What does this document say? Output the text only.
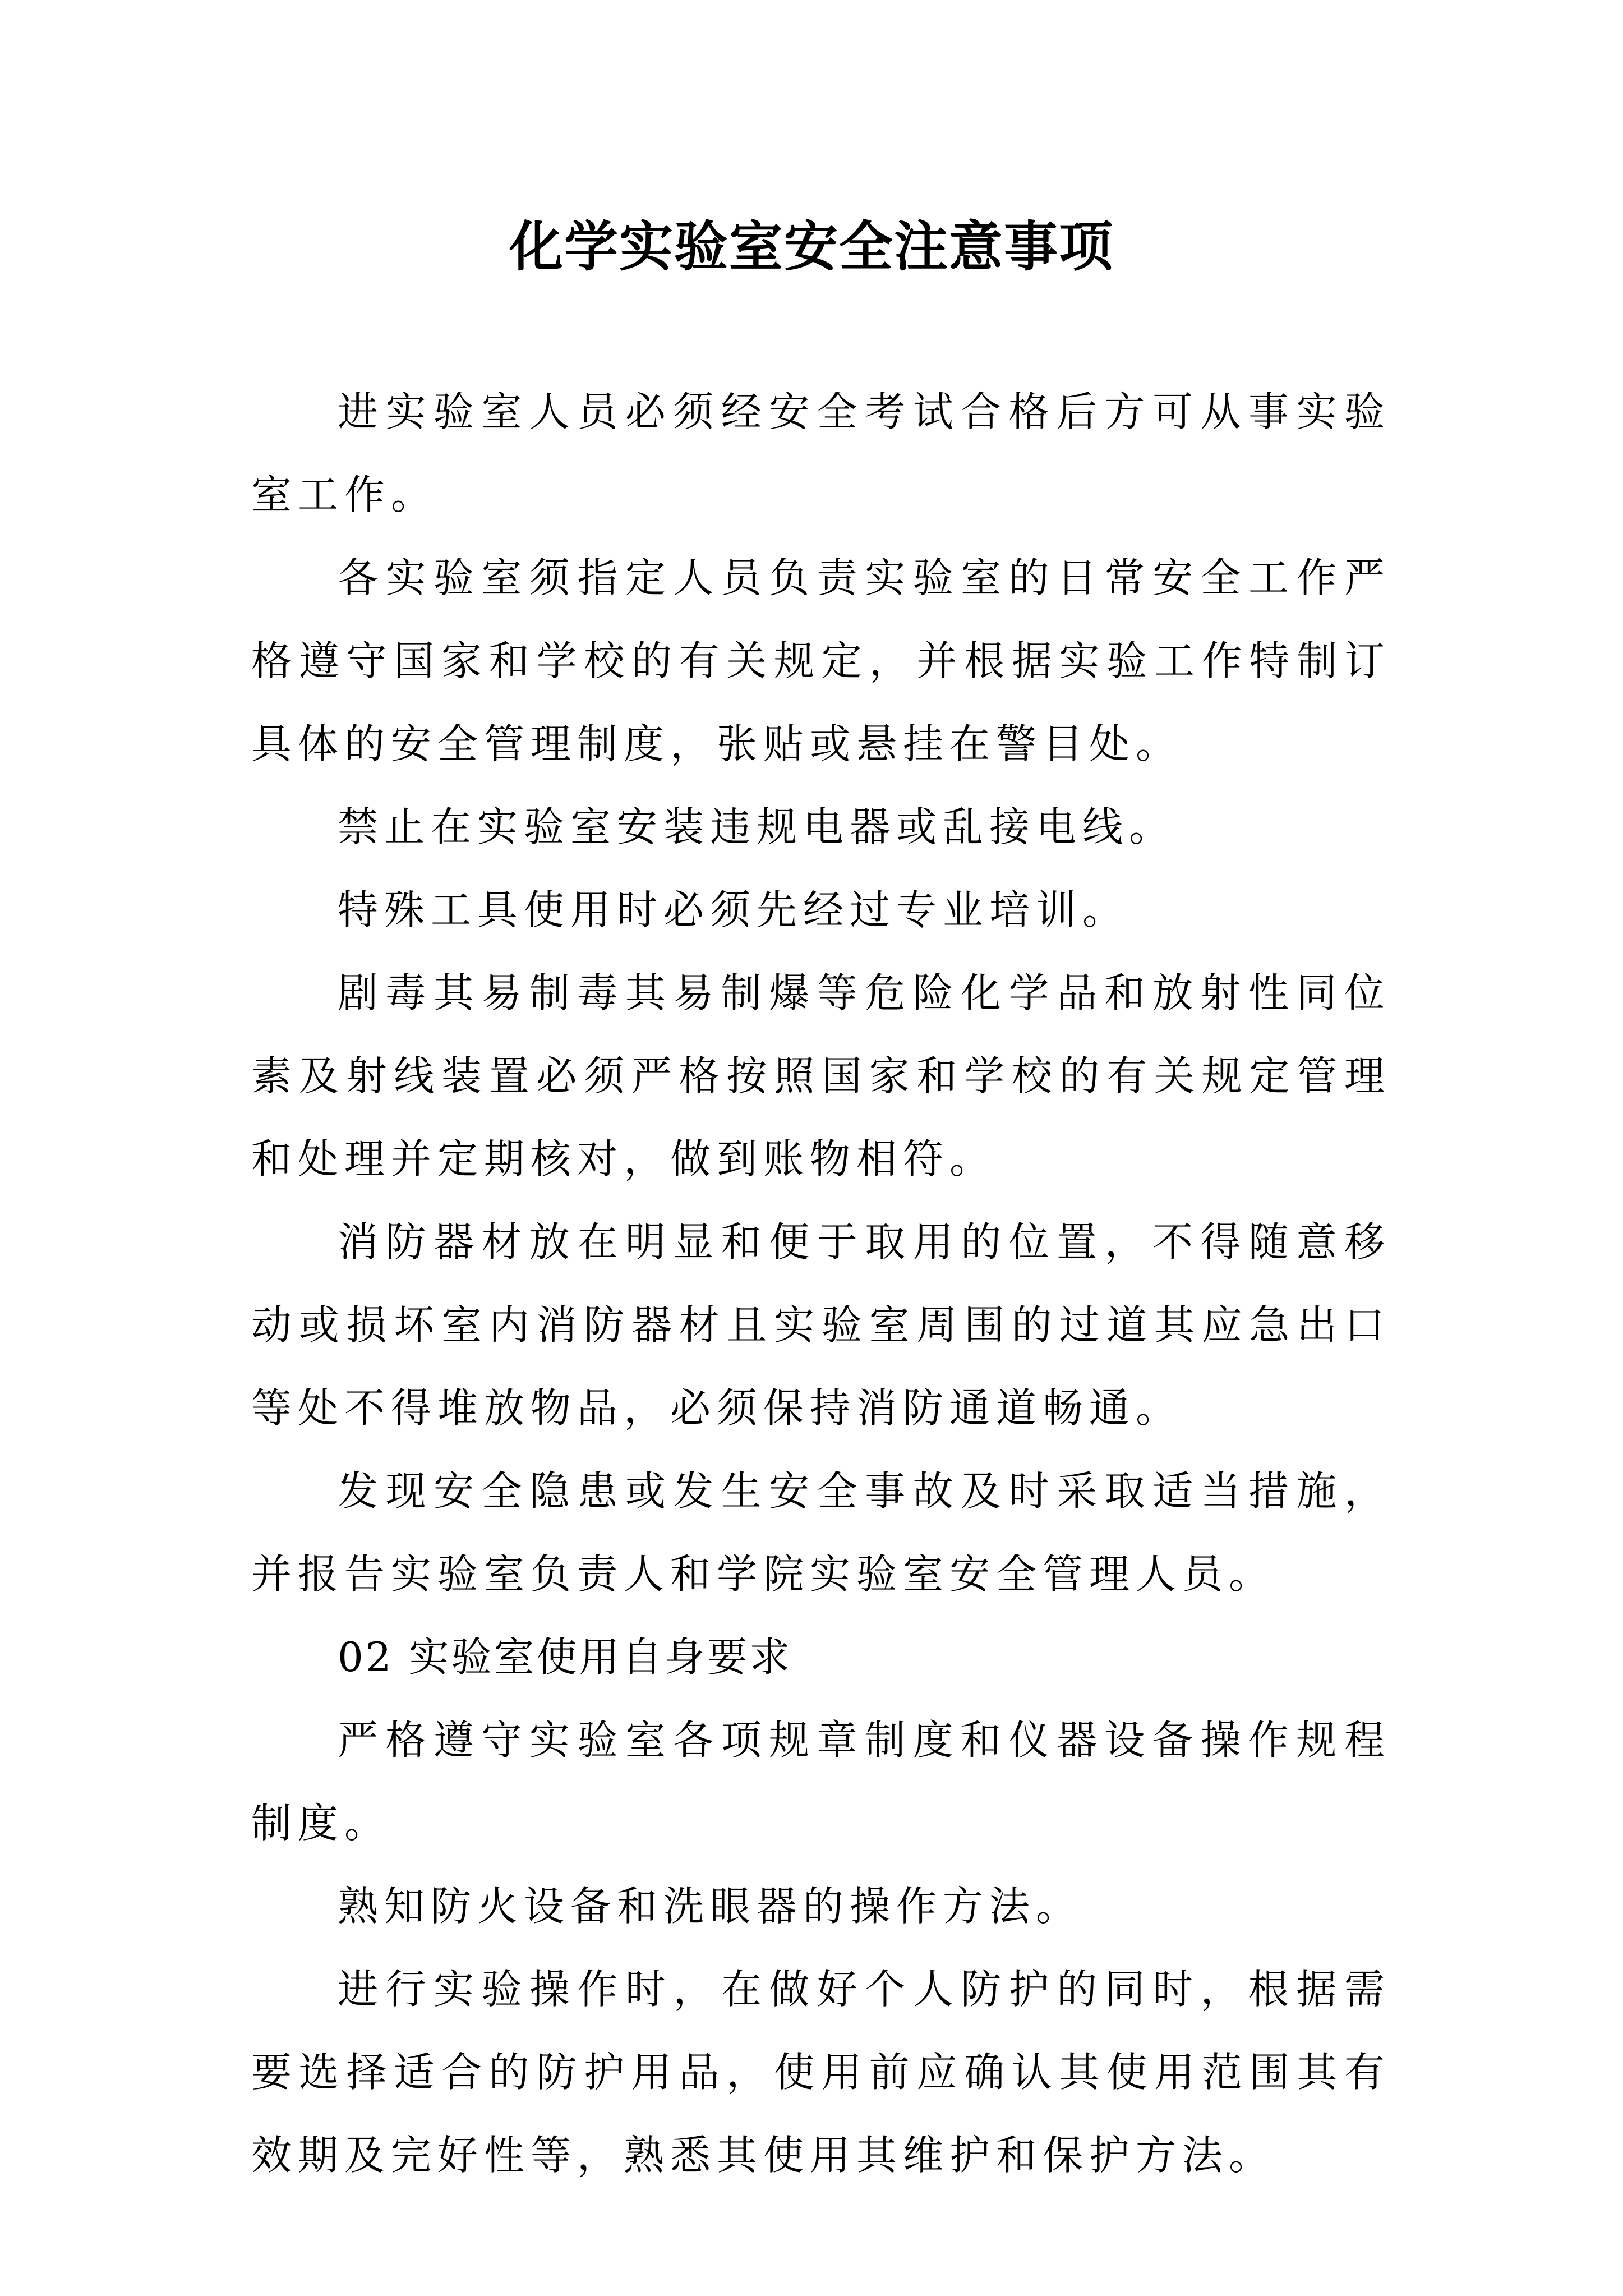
化学实验室安全注意事项

进实验室人员必须经安全考试合格后方可从事实验室工作。

各实验室须指定人员负责实验室的日常安全工作严格遵守国家和学校的有关规定，并根据实验工作特制订具体的安全管理制度，张贴或悬挂在警目处。

禁止在实验室安装违规电器或乱接电线。

特殊工具使用时必须先经过专业培训。

剧毒其易制毒其易制爆等危险化学品和放射性同位素及射线装置必须严格按照国家和学校的有关规定管理和处理并定期核对，做到账物相符。

消防器材放在明显和便于取用的位置，不得随意移动或损坏室内消防器材且实验室周围的过道其应急出口等处不得堆放物品，必须保持消防通道畅通。

发现安全隐患或发生安全事故及时采取适当措施，并报告实验室负责人和学院实验室安全管理人员。

02 实验室使用自身要求

严格遵守实验室各项规章制度和仪器设备操作规程制度。

熟知防火设备和洗眼器的操作方法。

进行实验操作时，在做好个人防护的同时，根据需要选择适合的防护用品，使用前应确认其使用范围其有效期及完好性等，熟悉其使用其维护和保护方法。
